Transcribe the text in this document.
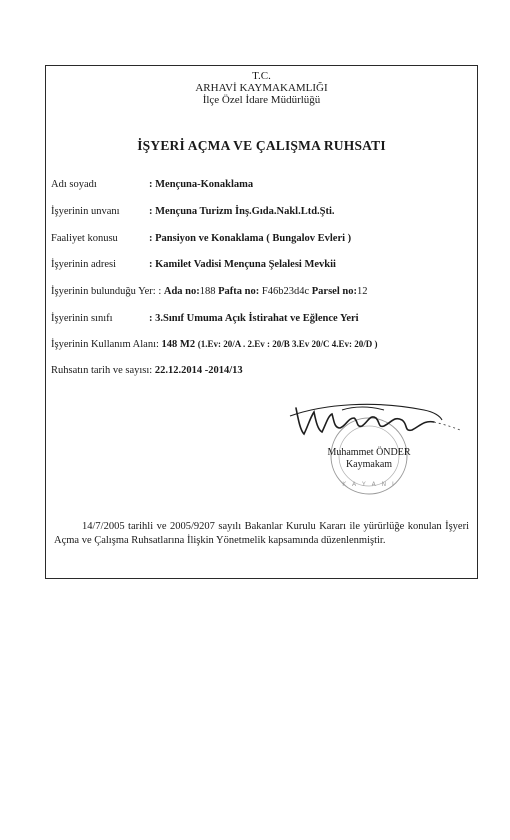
T.C.
ARHAVİ KAYMAKAMLIĞI
İlçe Özel İdare Müdürlüğü
İŞYERİ AÇMA VE ÇALIŞMA RUHSATI
Adı soyadı	: Mençuna-Konaklama
İşyerinin unvanı	: Mençuna Turizm İnş.Gıda.Nakl.Ltd.Şti.
Faaliyet konusu	: Pansiyon ve Konaklama ( Bungalov Evleri )
İşyerinin adresi	: Kamilet Vadisi Mençuna Şelalesi Mevkii
İşyerinin bulunduğu Yer: : Ada no:188 Pafta no: F46b23d4c Parsel no:12
İşyerinin sınıfı	: 3.Sınıf Umuma Açık İstirahat ve Eğlence Yeri
İşyerinin Kullanım Alanı: 148 M2 (1.Ev: 20/A . 2.Ev : 20/B 3.Ev 20/C 4.Ev: 20/D )
Ruhsatın tarih ve sayısı: 22.12.2014 -2014/13
K A Y A N I
Muhammet ÖNDER
Kaymakam
14/7/2005 tarihli ve 2005/9207 sayılı Bakanlar Kurulu Kararı ile yürürlüğe konulan İşyeri Açma ve Çalışma Ruhsatlarına İlişkin Yönetmelik kapsamında düzenlenmiştir.
